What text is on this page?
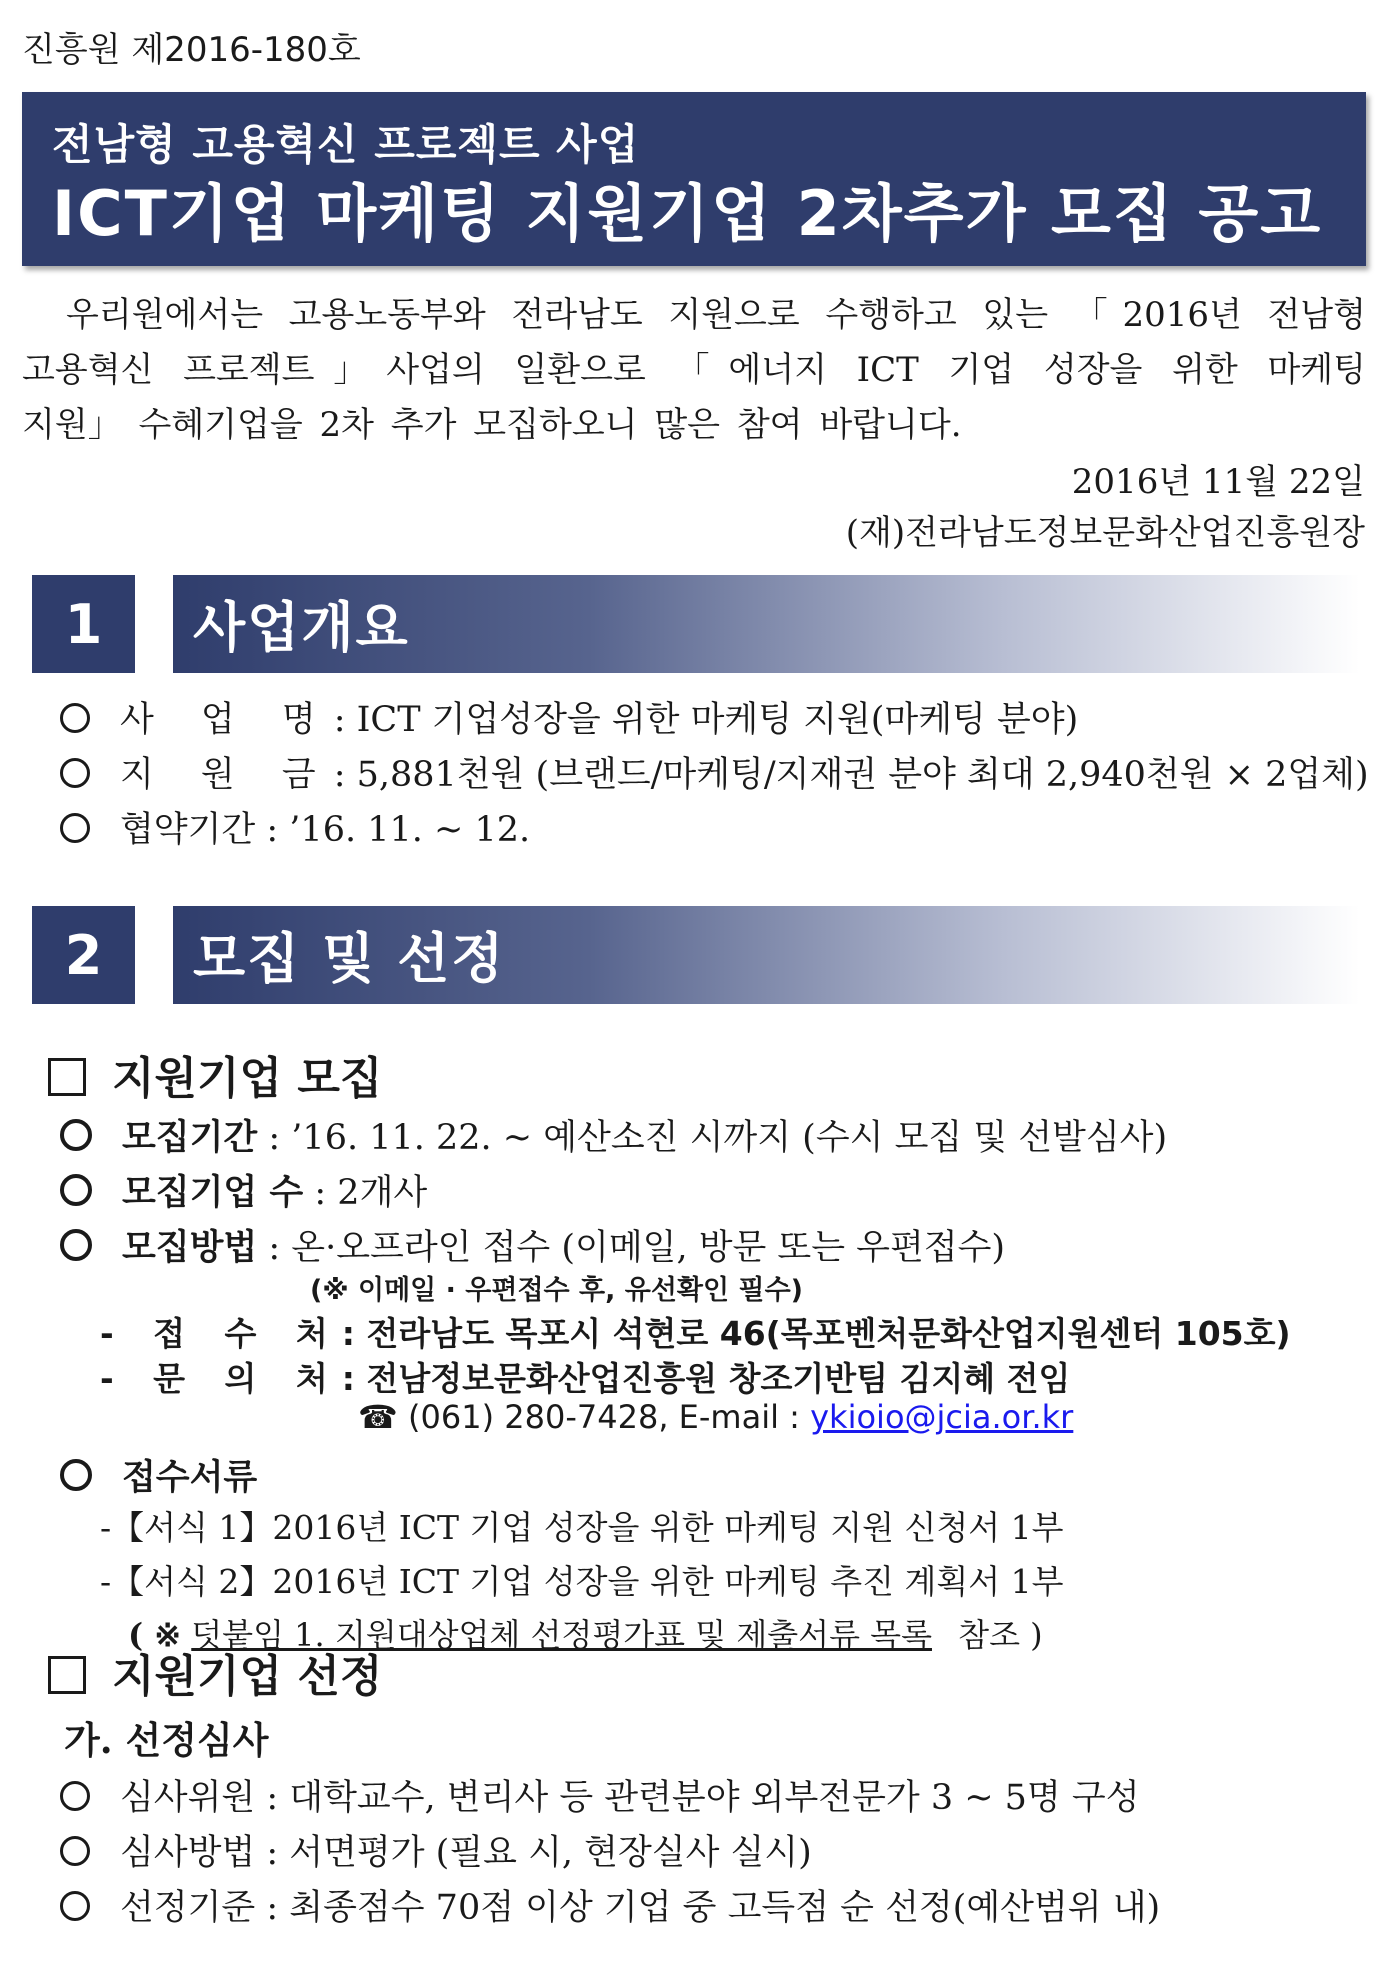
진흥원 제2016-180호
전남형 고용혁신 프로젝트 사업
ICT기업 마케팅 지원기업 2차추가 모집 공고
우리원에서는 고용노동부와 전라남도 지원으로 수행하고 있는 「2016년 전남형
고용혁신 프로젝트」사업의 일환으로 「에너지 ICT 기업 성장을 위한 마케팅
지원」 수혜기업을 2차 추가 모집하오니 많은 참여 바랍니다.
2016년 11월 22일
(재)전라남도정보문화산업진흥원장
1	사업개요
사 업 명: ICT 기업성장을 위한 마케팅 지원(마케팅 분야)
지 원 금: 5,881천원 (브랜드/마케팅/지재권 분야 최대 2,940천원 × 2업체)
협약기간 : ’16. 11. ~ 12.
2	모집 및 선정
지원기업 모집
모집기간 : ’16. 11. 22. ~ 예산소진 시까지 (수시 모집 및 선발심사)
모집기업 수 : 2개사
모집방법 : 온·오프라인 접수 (이메일, 방문 또는 우편접수)
(※ 이메일 · 우편접수 후, 유선확인 필수)
- 접 수 처: 전라남도 목포시 석현로 46(목포벤처문화산업지원센터 105호)
- 문 의 처: 전남정보문화산업진흥원 창조기반팀 김지혜 전임
☎ (061) 280-7428, E-mail : ykioio@jcia.or.kr
접수서류
-【서식 1】2016년 ICT 기업 성장을 위한 마케팅 지원 신청서 1부
-【서식 2】2016년 ICT 기업 성장을 위한 마케팅 추진 계획서 1부
( ※ 덧붙임 1. 지원대상업체 선정평가표 및 제출서류 목록 참조 )
지원기업 선정
가. 선정심사
심사위원 : 대학교수, 변리사 등 관련분야 외부전문가 3 ~ 5명 구성
심사방법 : 서면평가 (필요 시, 현장실사 실시)
선정기준 : 최종점수 70점 이상 기업 중 고득점 순 선정(예산범위 내)
